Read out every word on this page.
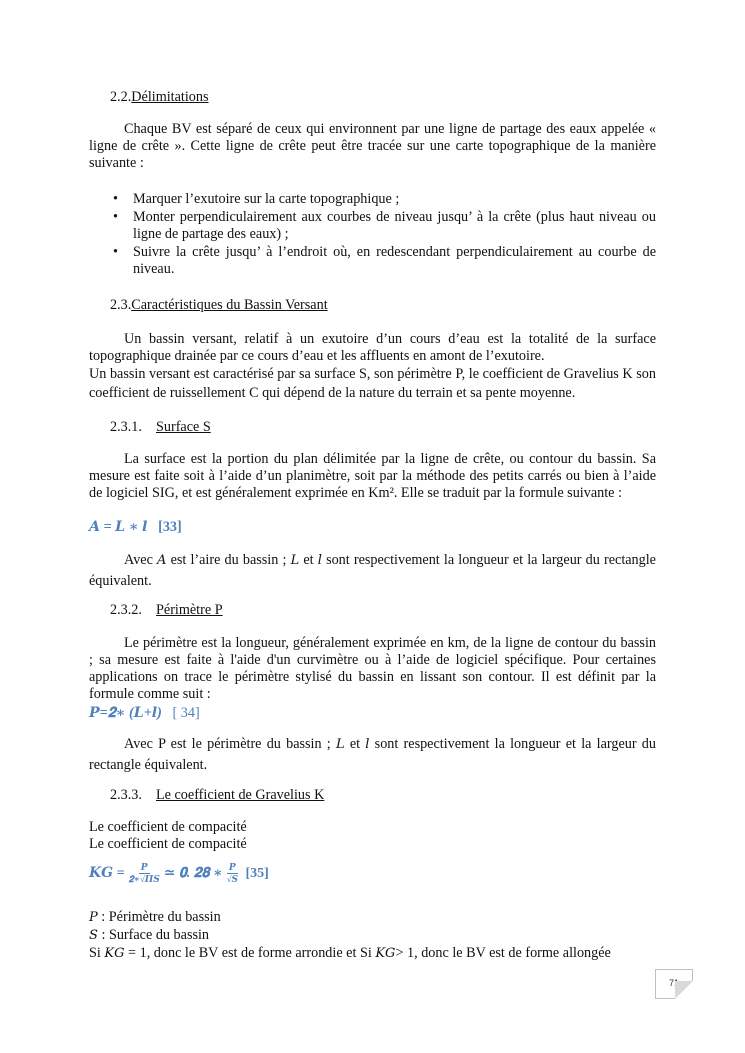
2.2.Délimitations
Chaque BV est séparé de ceux qui environnent par une ligne de partage des eaux appelée « ligne de crête ». Cette ligne de crête peut être tracée sur une carte topographique de la manière suivante :
• Marquer l’exutoire sur la carte topographique ;
• Monter perpendiculairement aux courbes de niveau jusqu’ à la crête (plus haut niveau ou ligne de partage des eaux) ;
• Suivre la crête jusqu’ à l’endroit où, en redescendant perpendiculairement au courbe de niveau.
2.3.Caractéristiques du Bassin Versant
Un bassin versant, relatif à un exutoire d’un cours d’eau est la totalité de la surface topographique drainée par ce cours d’eau et les affluents en amont de l’exutoire.
Un bassin versant est caractérisé par sa surface S, son périmètre P, le coefficient de Gravelius K son coefficient de ruissellement C qui dépend de la nature du terrain et sa pente moyenne.
2.3.1. Surface S
La surface est la portion du plan délimitée par la ligne de crête, ou contour du bassin. Sa mesure est faite soit à l’aide d’un planimètre, soit par la méthode des petits carrés ou bien à l’aide de logiciel SIG, et est généralement exprimée en Km². Elle se traduit par la formule suivante :
𝑨 = 𝑳 ∗ 𝒍 [33]
Avec A est l’aire du bassin ; L et l sont respectivement la longueur et la largeur du rectangle équivalent.
2.3.2. Périmètre P
Le périmètre est la longueur, généralement exprimée en km, de la ligne de contour du bassin ; sa mesure est faite à l'aide d'un curvimètre ou à l’aide de logiciel spécifique. Pour certaines applications on trace le périmètre stylisé du bassin en lissant son contour. Il est définit par la formule comme suit :
𝑷=𝟐∗ (𝑳+𝒍) [ 34]
Avec P est le périmètre du bassin ; L et l sont respectivement la longueur et la largeur du rectangle équivalent.
2.3.3. Le coefficient de Gravelius K
Le coefficient de compacité
Le coefficient de compacité
𝑲𝑮 = $\frac{\text{𝑷}}{\text{𝟐∗√𝜫𝑺}}$ ≃ 𝟎. 𝟐𝟖 ∗ $\frac{\text{𝑷}}{\text{√𝑺}}$
[35]
P : Périmètre du bassin
S : Surface du bassin
Si KG = 1, donc le BV est de forme arrondie et Si KG> 1, donc le BV est de forme allongée
71
